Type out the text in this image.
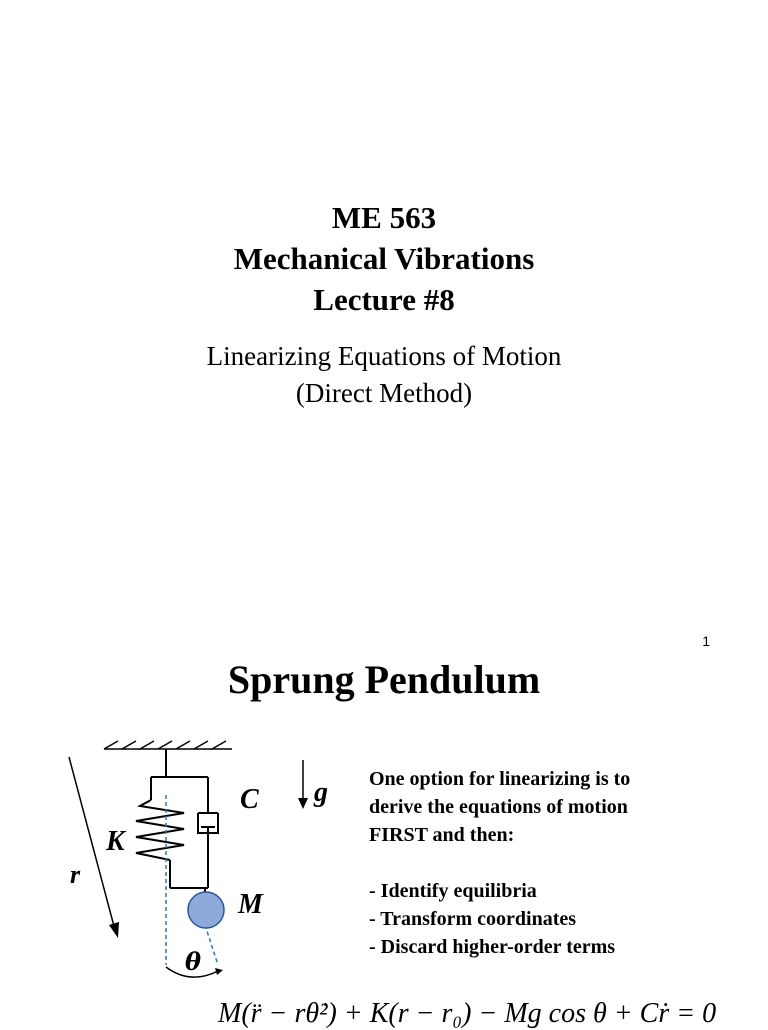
ME 563
Mechanical Vibrations
Lecture #8
Linearizing Equations of Motion
(Direct Method)
1
Sprung Pendulum
K
C
M
r
g
θ

One option for linearizing is to

derive the equations of motion

FIRST and then:

- Identify equilibria
- Transform coordinates
- Discard higher-order terms
M(r̈ − rθ̇²) + K(r − r₀) − Mg cos θ + Cṙ = 0
